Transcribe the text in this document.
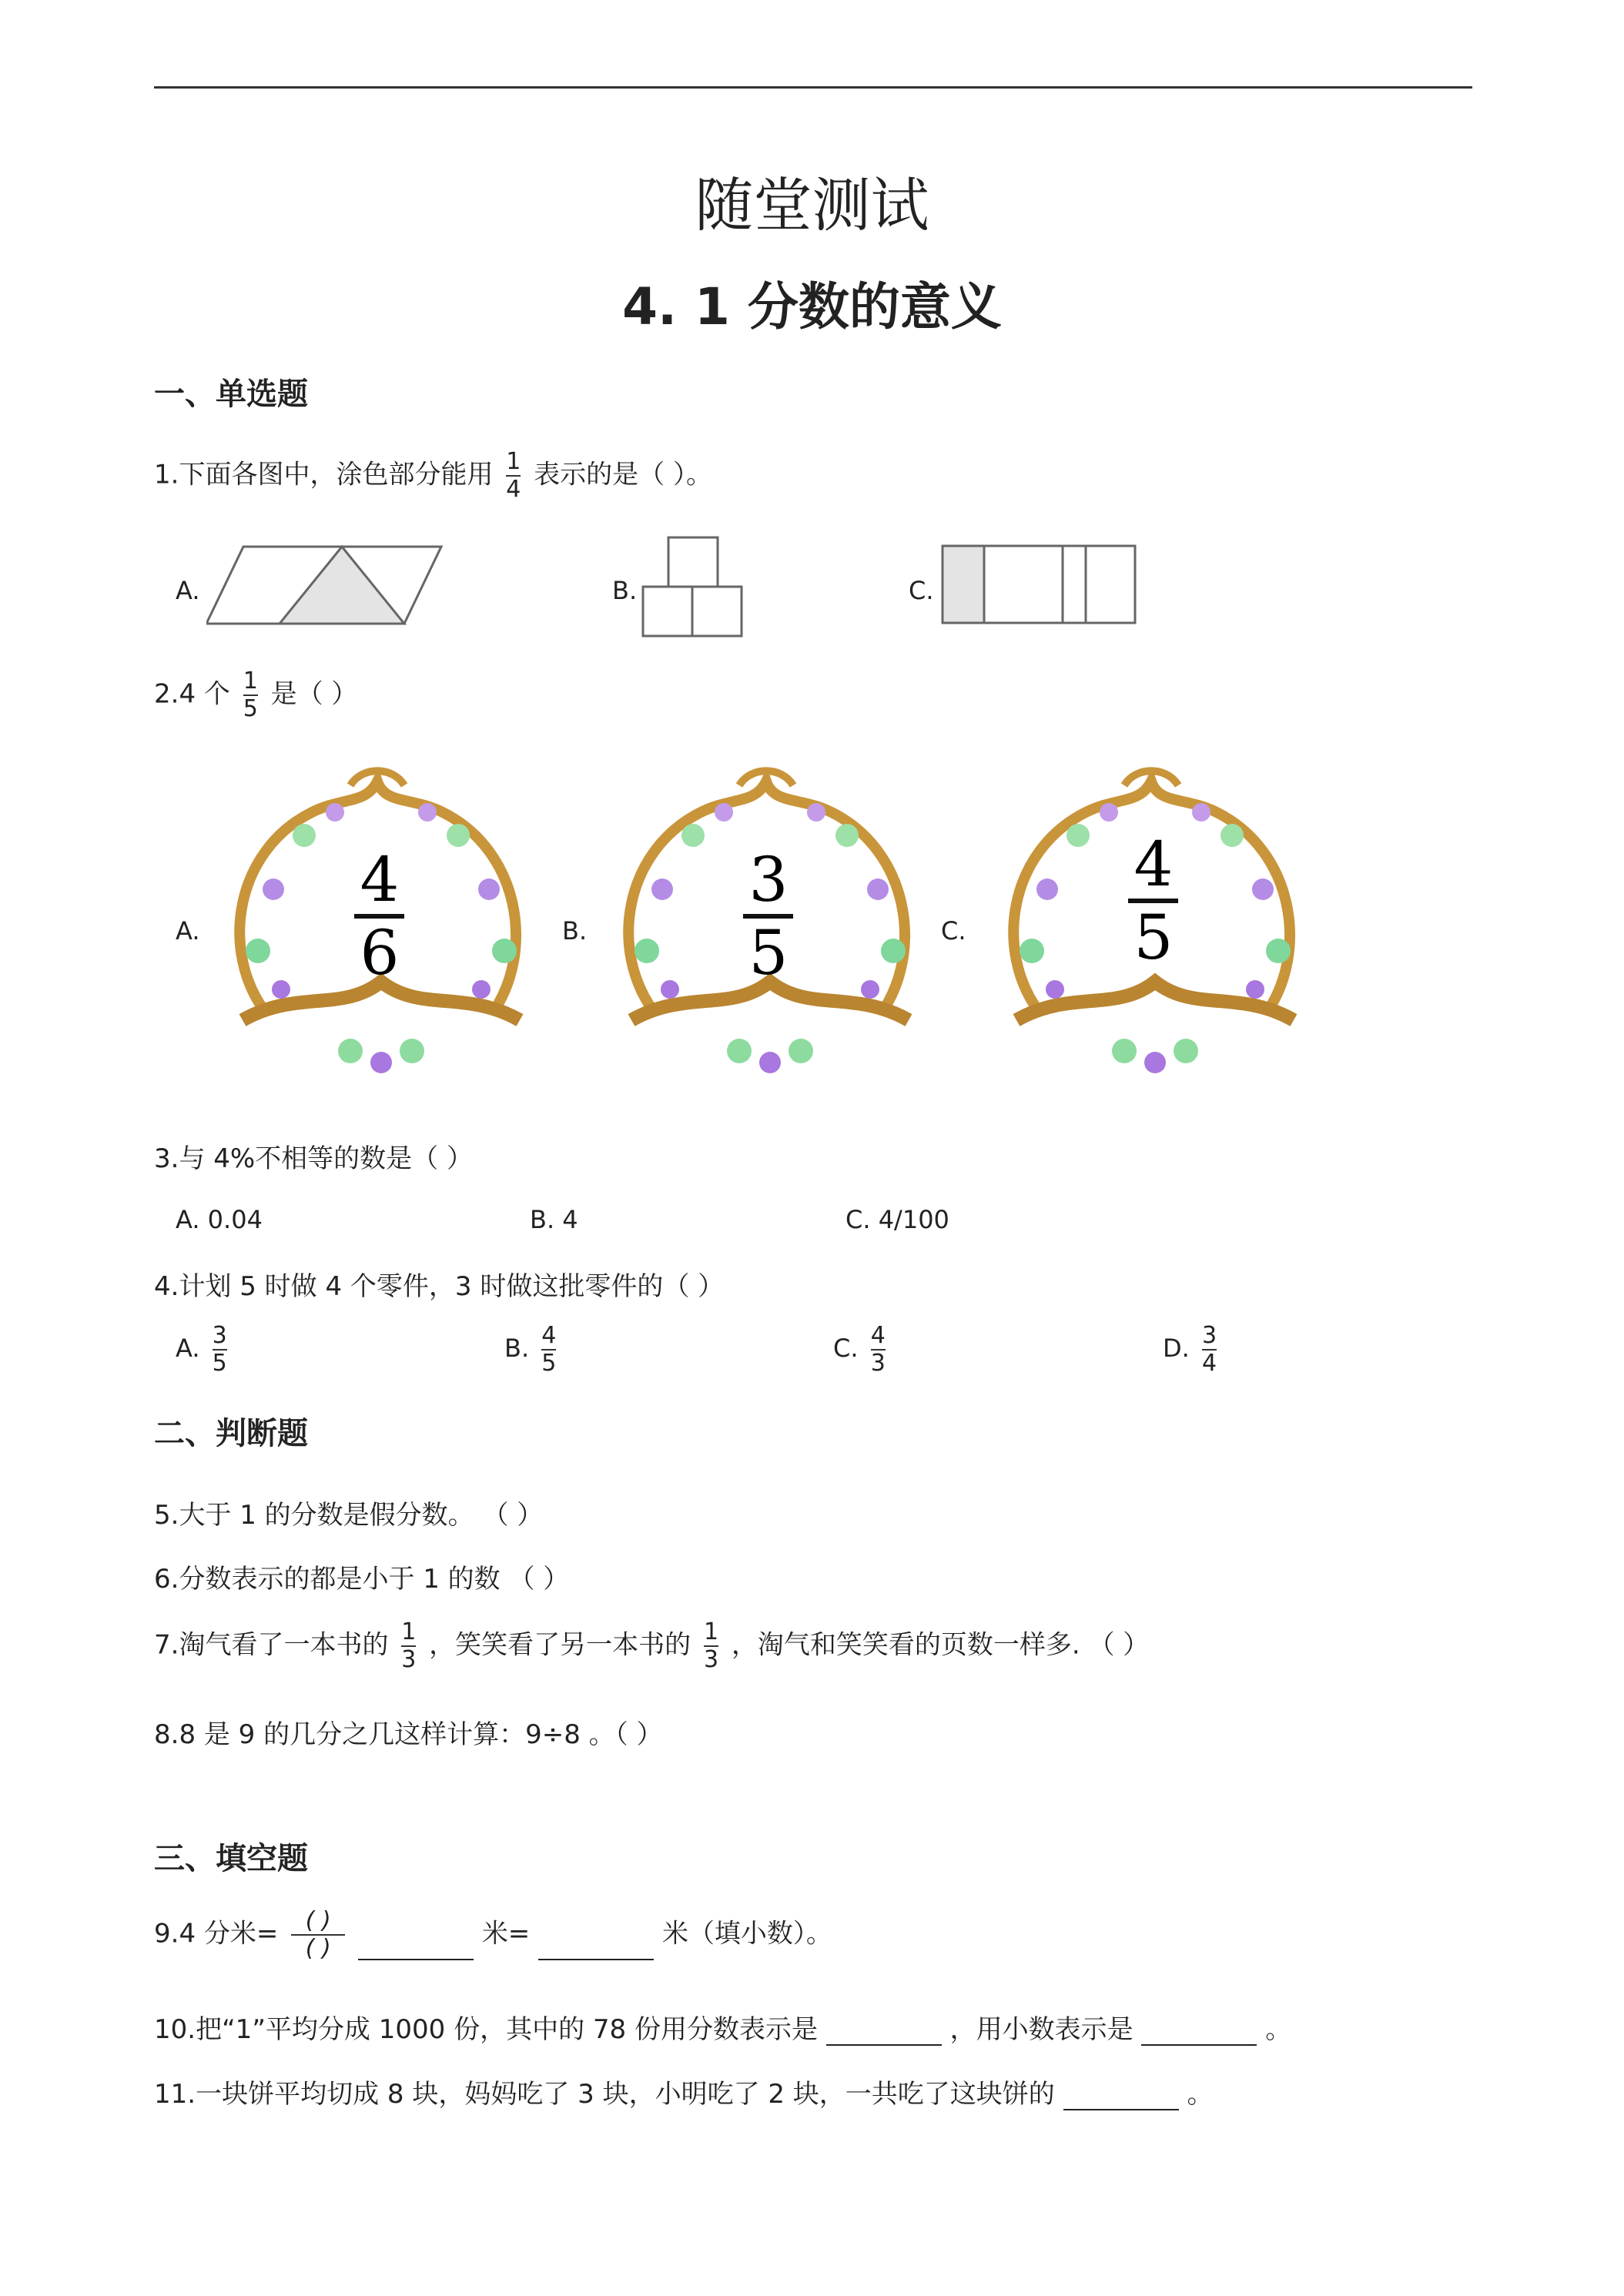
随堂测试
4. 1 分数的意义
一、单选题
1.下面各图中，涂色部分能用 $\frac{1}{4}$ 表示的是（ ）。
A.	B.	C.
2.4 个 $\frac{1}{5}$ 是（ ）
A.	B.	C.
4
6
3
5
4
5
3.与 4%不相等的数是（ ）
A. 0.04	B. 4	C. 4/100
4.计划 5 时做 4 个零件，3 时做这批零件的（ ）
A. $\frac{3}{5}$	B. $\frac{4}{5}$	C. $\frac{4}{3}$	D. $\frac{3}{4}$
二、判断题
5.大于 1 的分数是假分数。 （ ）
6.分数表示的都是小于 1 的数 （ ）
7.淘气看了一本书的 $\frac{1}{3}$ ，笑笑看了另一本书的 $\frac{1}{3}$ ，淘气和笑笑看的页数一样多. （ ）
8.8 是 9 的几分之几这样计算：9÷8 。（ ）
三、填空题
9.4 分米= $\frac{( )}{( )}$	米=	米（填小数）。
10.把“1”平均分成 1000 份，其中的 78 份用分数表示是	，用小数表示是	。
11.一块饼平均切成 8 块，妈妈吃了 3 块，小明吃了 2 块，一共吃了这块饼的	。
